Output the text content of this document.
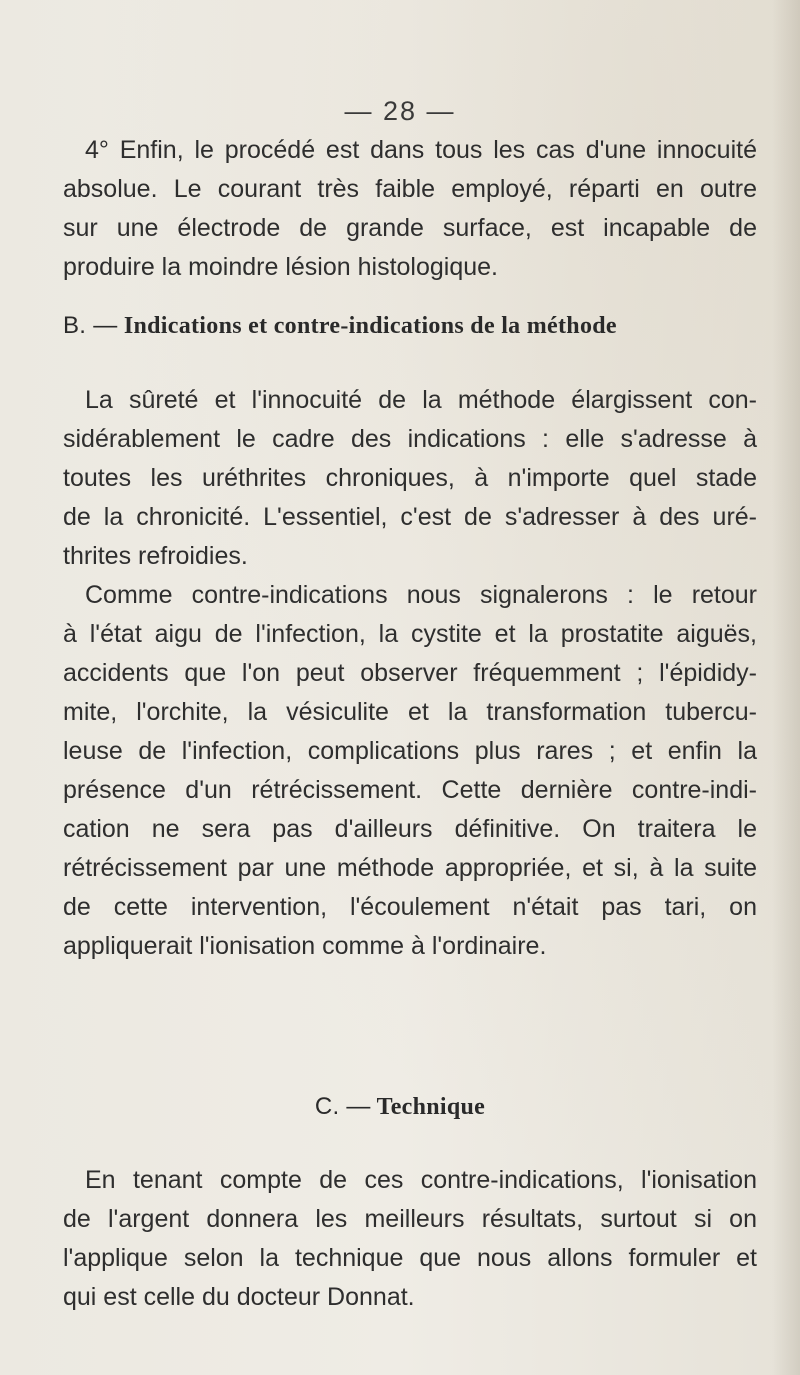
— 28 —
4° Enfin, le procédé est dans tous les cas d'une innocuité
absolue. Le courant très faible employé, réparti en outre
sur une électrode de grande surface, est incapable de
produire la moindre lésion histologique.
B. — Indications et contre-indications de la méthode
La sûreté et l'innocuité de la méthode élargissent con-
sidérablement le cadre des indications : elle s'adresse à
toutes les uréthrites chroniques, à n'importe quel stade
de la chronicité. L'essentiel, c'est de s'adresser à des uré-
thrites refroidies.
Comme contre-indications nous signalerons : le retour
à l'état aigu de l'infection, la cystite et la prostatite aiguës,
accidents que l'on peut observer fréquemment ; l'épididy-
mite, l'orchite, la vésiculite et la transformation tubercu-
leuse de l'infection, complications plus rares ; et enfin la
présence d'un rétrécissement. Cette dernière contre-indi-
cation ne sera pas d'ailleurs définitive. On traitera le
rétrécissement par une méthode appropriée, et si, à la suite
de cette intervention, l'écoulement n'était pas tari, on
appliquerait l'ionisation comme à l'ordinaire.
C. — Technique
En tenant compte de ces contre-indications, l'ionisation
de l'argent donnera les meilleurs résultats, surtout si on
l'applique selon la technique que nous allons formuler et
qui est celle du docteur Donnat.
